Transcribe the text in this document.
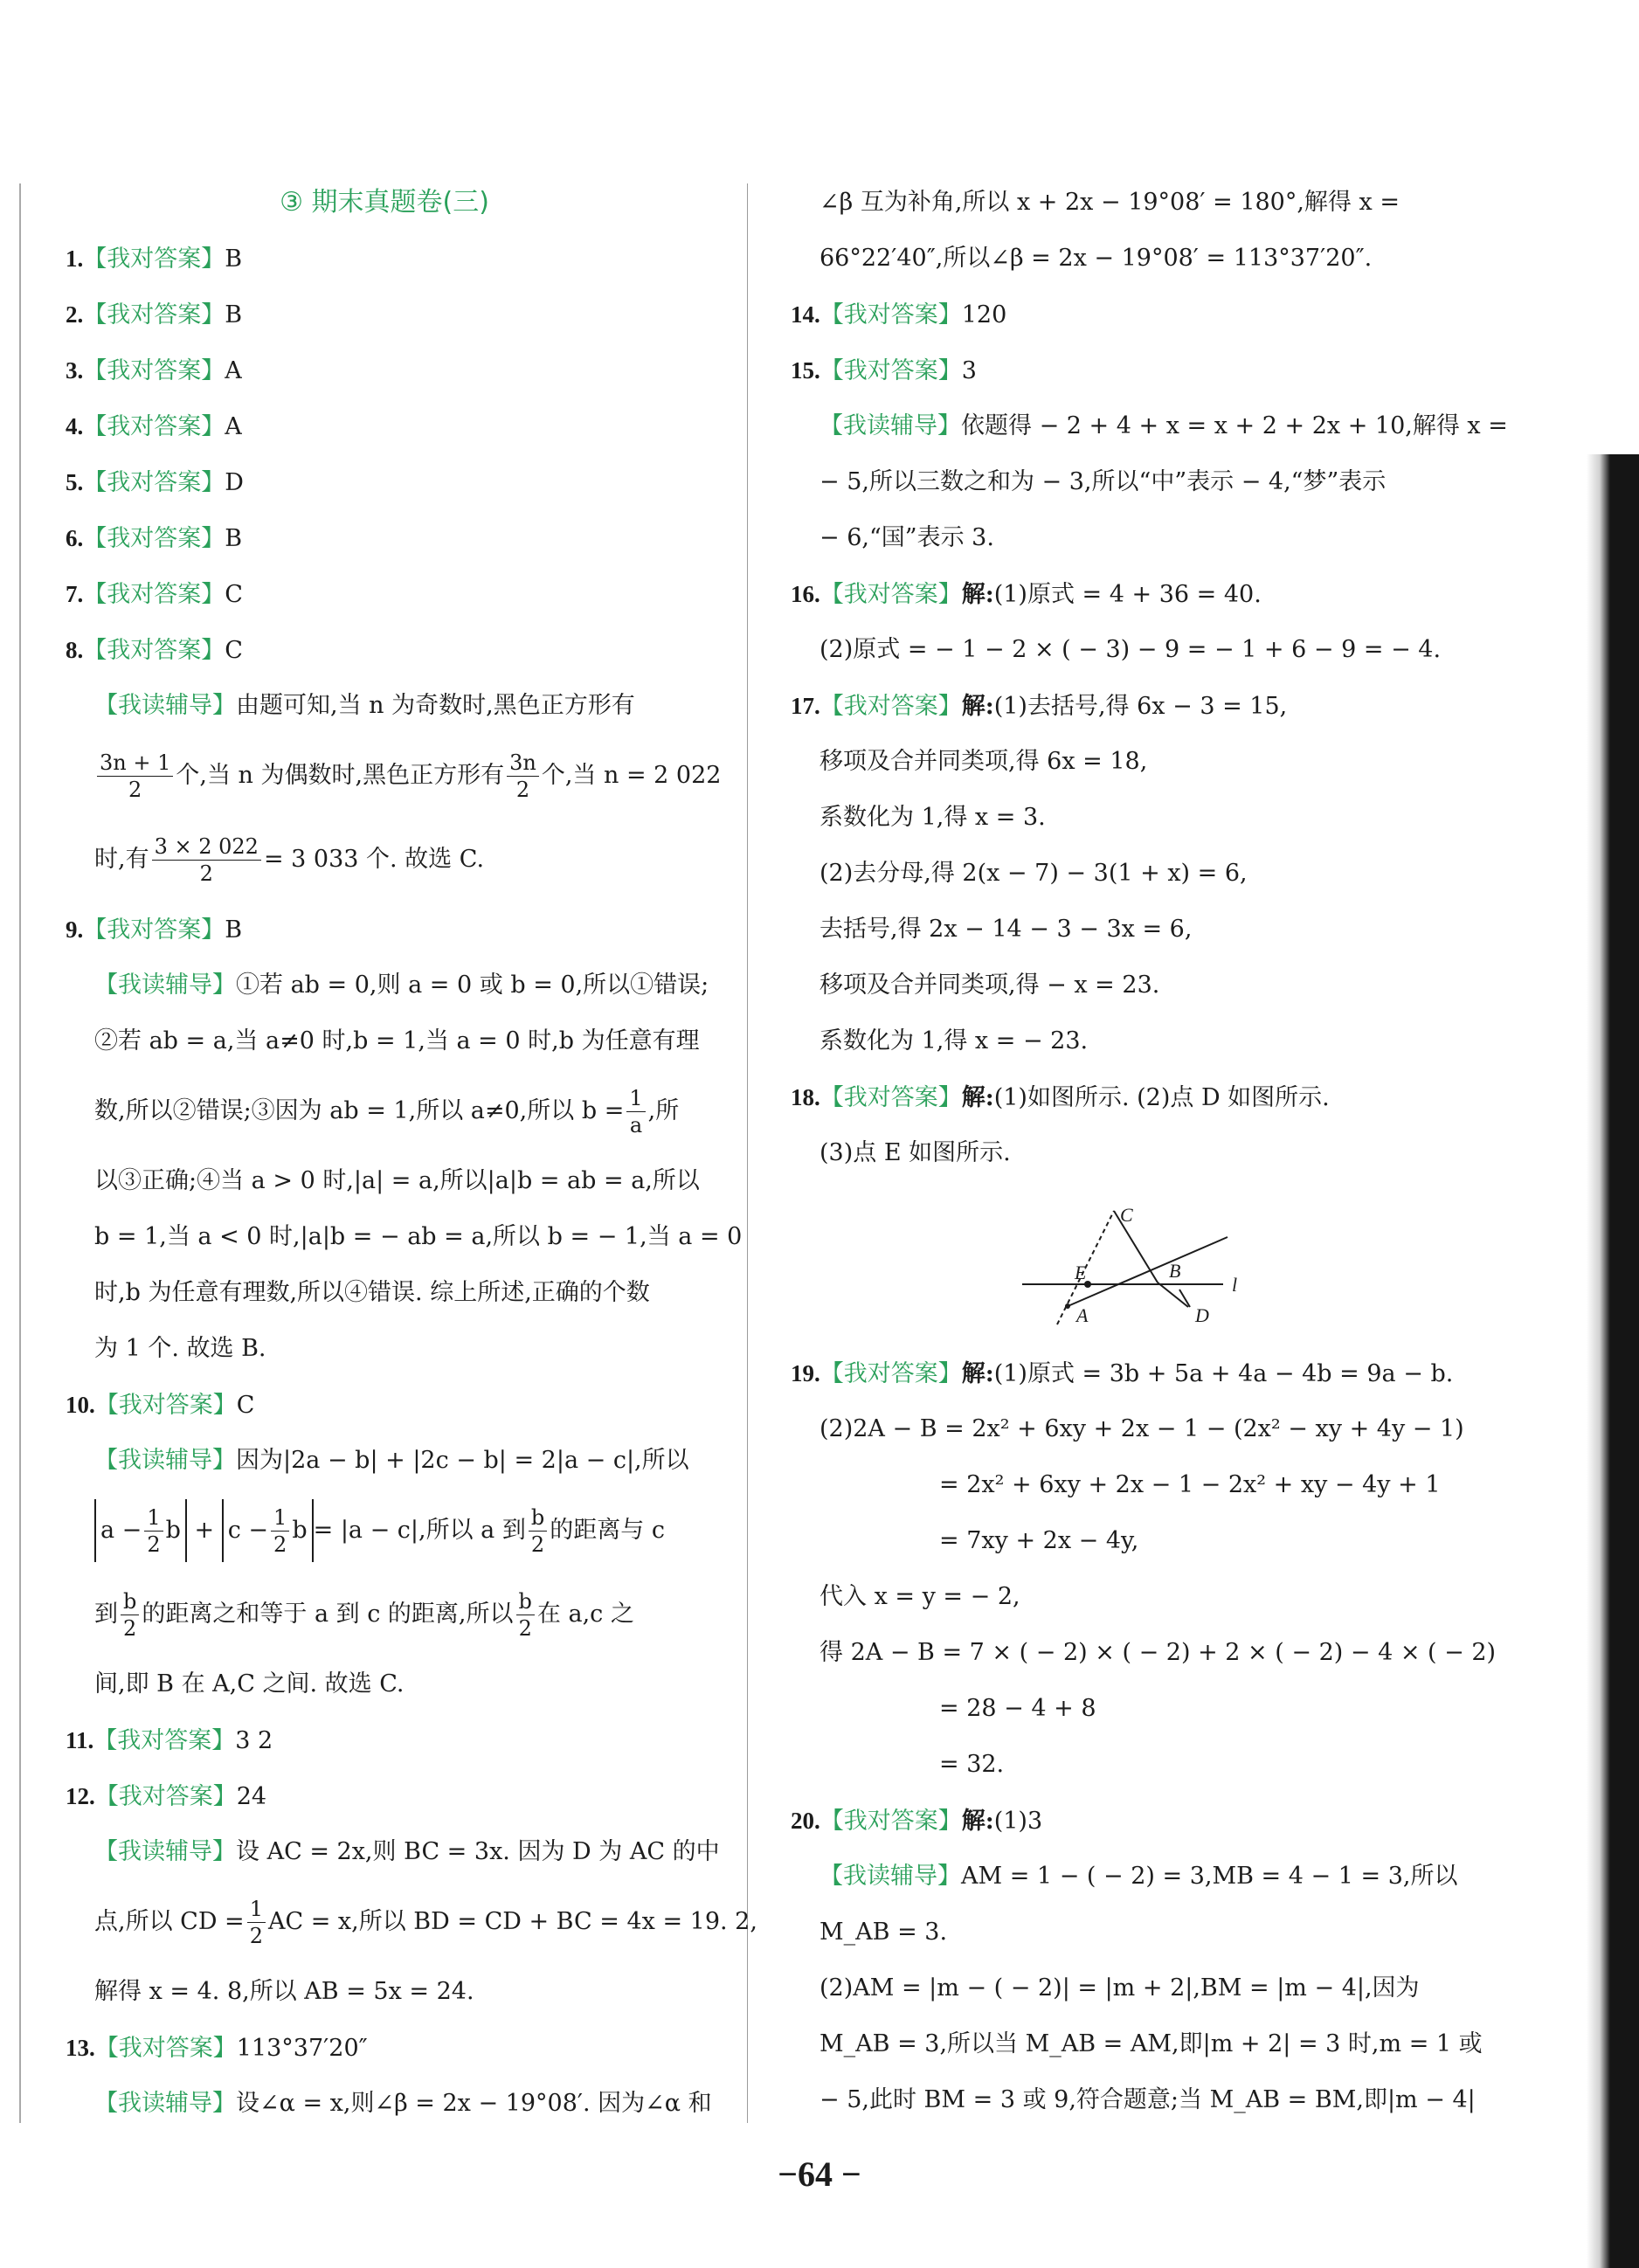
③ 期末真题卷(三)
1.【我对答案】B
2.【我对答案】B
3.【我对答案】A
4.【我对答案】A
5.【我对答案】D
6.【我对答案】B
7.【我对答案】C
8.【我对答案】C
【我读辅导】由题可知,当 n 为奇数时,黑色正方形有
$\frac{3n + 1}{2}$ 个,当 n 为偶数时,黑色正方形有 $\frac{3n}{2}$ 个,当 n = 2 022
时,有 $\frac{3 \times 2 022}{2} = 3$ 033 个. 故选 C.
9.【我对答案】B
【我读辅导】①若 ab = 0,则 a = 0 或 b = 0,所以①错误;
②若 ab = a,当 a≠0 时,b = 1,当 a = 0 时,b 为任意有理
数,所以②错误;③因为 ab = 1,所以 a≠0,所以 $b = \frac{1}{a}$ ,所
以③正确;④当 a > 0 时,|a| = a,所以|a|b = ab = a,所以
b = 1,当 a < 0 时,|a|b = − ab = a,所以 b = − 1,当 a = 0
时,b 为任意有理数,所以④错误. 综上所述,正确的个数
为 1 个. 故选 B.
10.【我对答案】C
【我读辅导】因为|2a − b| + |2c − b| = 2|a − c|,所以
$a - \frac{1}{2}$ $b + c - \frac{1}{2}$ b = |a − c|,所以 a 到 $\frac{b}{2}$ 的距离与 c
到 $\frac{b}{2}$ 的距离之和等于 a 到 c 的距离,所以 $\frac{b}{2}$ 在 a,c 之
间,即 B 在 A,C 之间. 故选 C.
11.【我对答案】3 2
12.【我对答案】24
【我读辅导】设 AC = 2x,则 BC = 3x. 因为 D 为 AC 的中
点,所以 CD = $\frac{1}{2}$ AC = x,所以 BD = CD + BC = 4x = 19. 2,
解得 x = 4. 8,所以 AB = 5x = 24.
13.【我对答案】113°37′20″
【我读辅导】设∠α = x,则∠β = 2x − 19°08′. 因为∠α 和
∠β 互为补角,所以 x + 2x − 19°08′ = 180°,解得 x =
66°22′40″,所以∠β = 2x − 19°08′ = 113°37′20″.
14.【我对答案】120
15.【我对答案】3
【我读辅导】依题得 − 2 + 4 + x = x + 2 + 2x + 10,解得 x =
− 5,所以三数之和为 − 3,所以“中”表示 − 4,“梦”表示
− 6,“国”表示 3.
16.【我对答案】解:(1)原式 = 4 + 36 = 40.
(2)原式 = − 1 − 2 × ( − 3) − 9 = − 1 + 6 − 9 = − 4.
17.【我对答案】解:(1)去括号,得 6x − 3 = 15,
移项及合并同类项,得 6x = 18,
系数化为 1,得 x = 3.
(2)去分母,得 2(x − 7) − 3(1 + x) = 6,
去括号,得 2x − 14 − 3 − 3x = 6,
移项及合并同类项,得 − x = 23.
系数化为 1,得 x = − 23.
18.【我对答案】解:(1)如图所示. (2)点 D 如图所示.
(3)点 E 如图所示.
19.【我对答案】解:(1)原式 = 3b + 5a + 4a − 4b = 9a − b.
(2)2A − B = 2x² + 6xy + 2x − 1 − (2x² − xy + 4y − 1)
= 2x² + 6xy + 2x − 1 − 2x² + xy − 4y + 1
= 7xy + 2x − 4y,
代入 x = y = − 2,
得 2A − B = 7 × ( − 2) × ( − 2) + 2 × ( − 2) − 4 × ( − 2)
= 28 − 4 + 8
= 32.
20.【我对答案】解:(1)3
【我读辅导】AM = 1 − ( − 2) = 3,MB = 4 − 1 = 3,所以
M_AB = 3.
(2)AM = |m − ( − 2)| = |m + 2|,BM = |m − 4|,因为
M_AB = 3,所以当 M_AB = AM,即|m + 2| = 3 时,m = 1 或
− 5,此时 BM = 3 或 9,符合题意;当 M_AB = BM,即|m − 4|
C
E	B
l
A	D
−64 −
